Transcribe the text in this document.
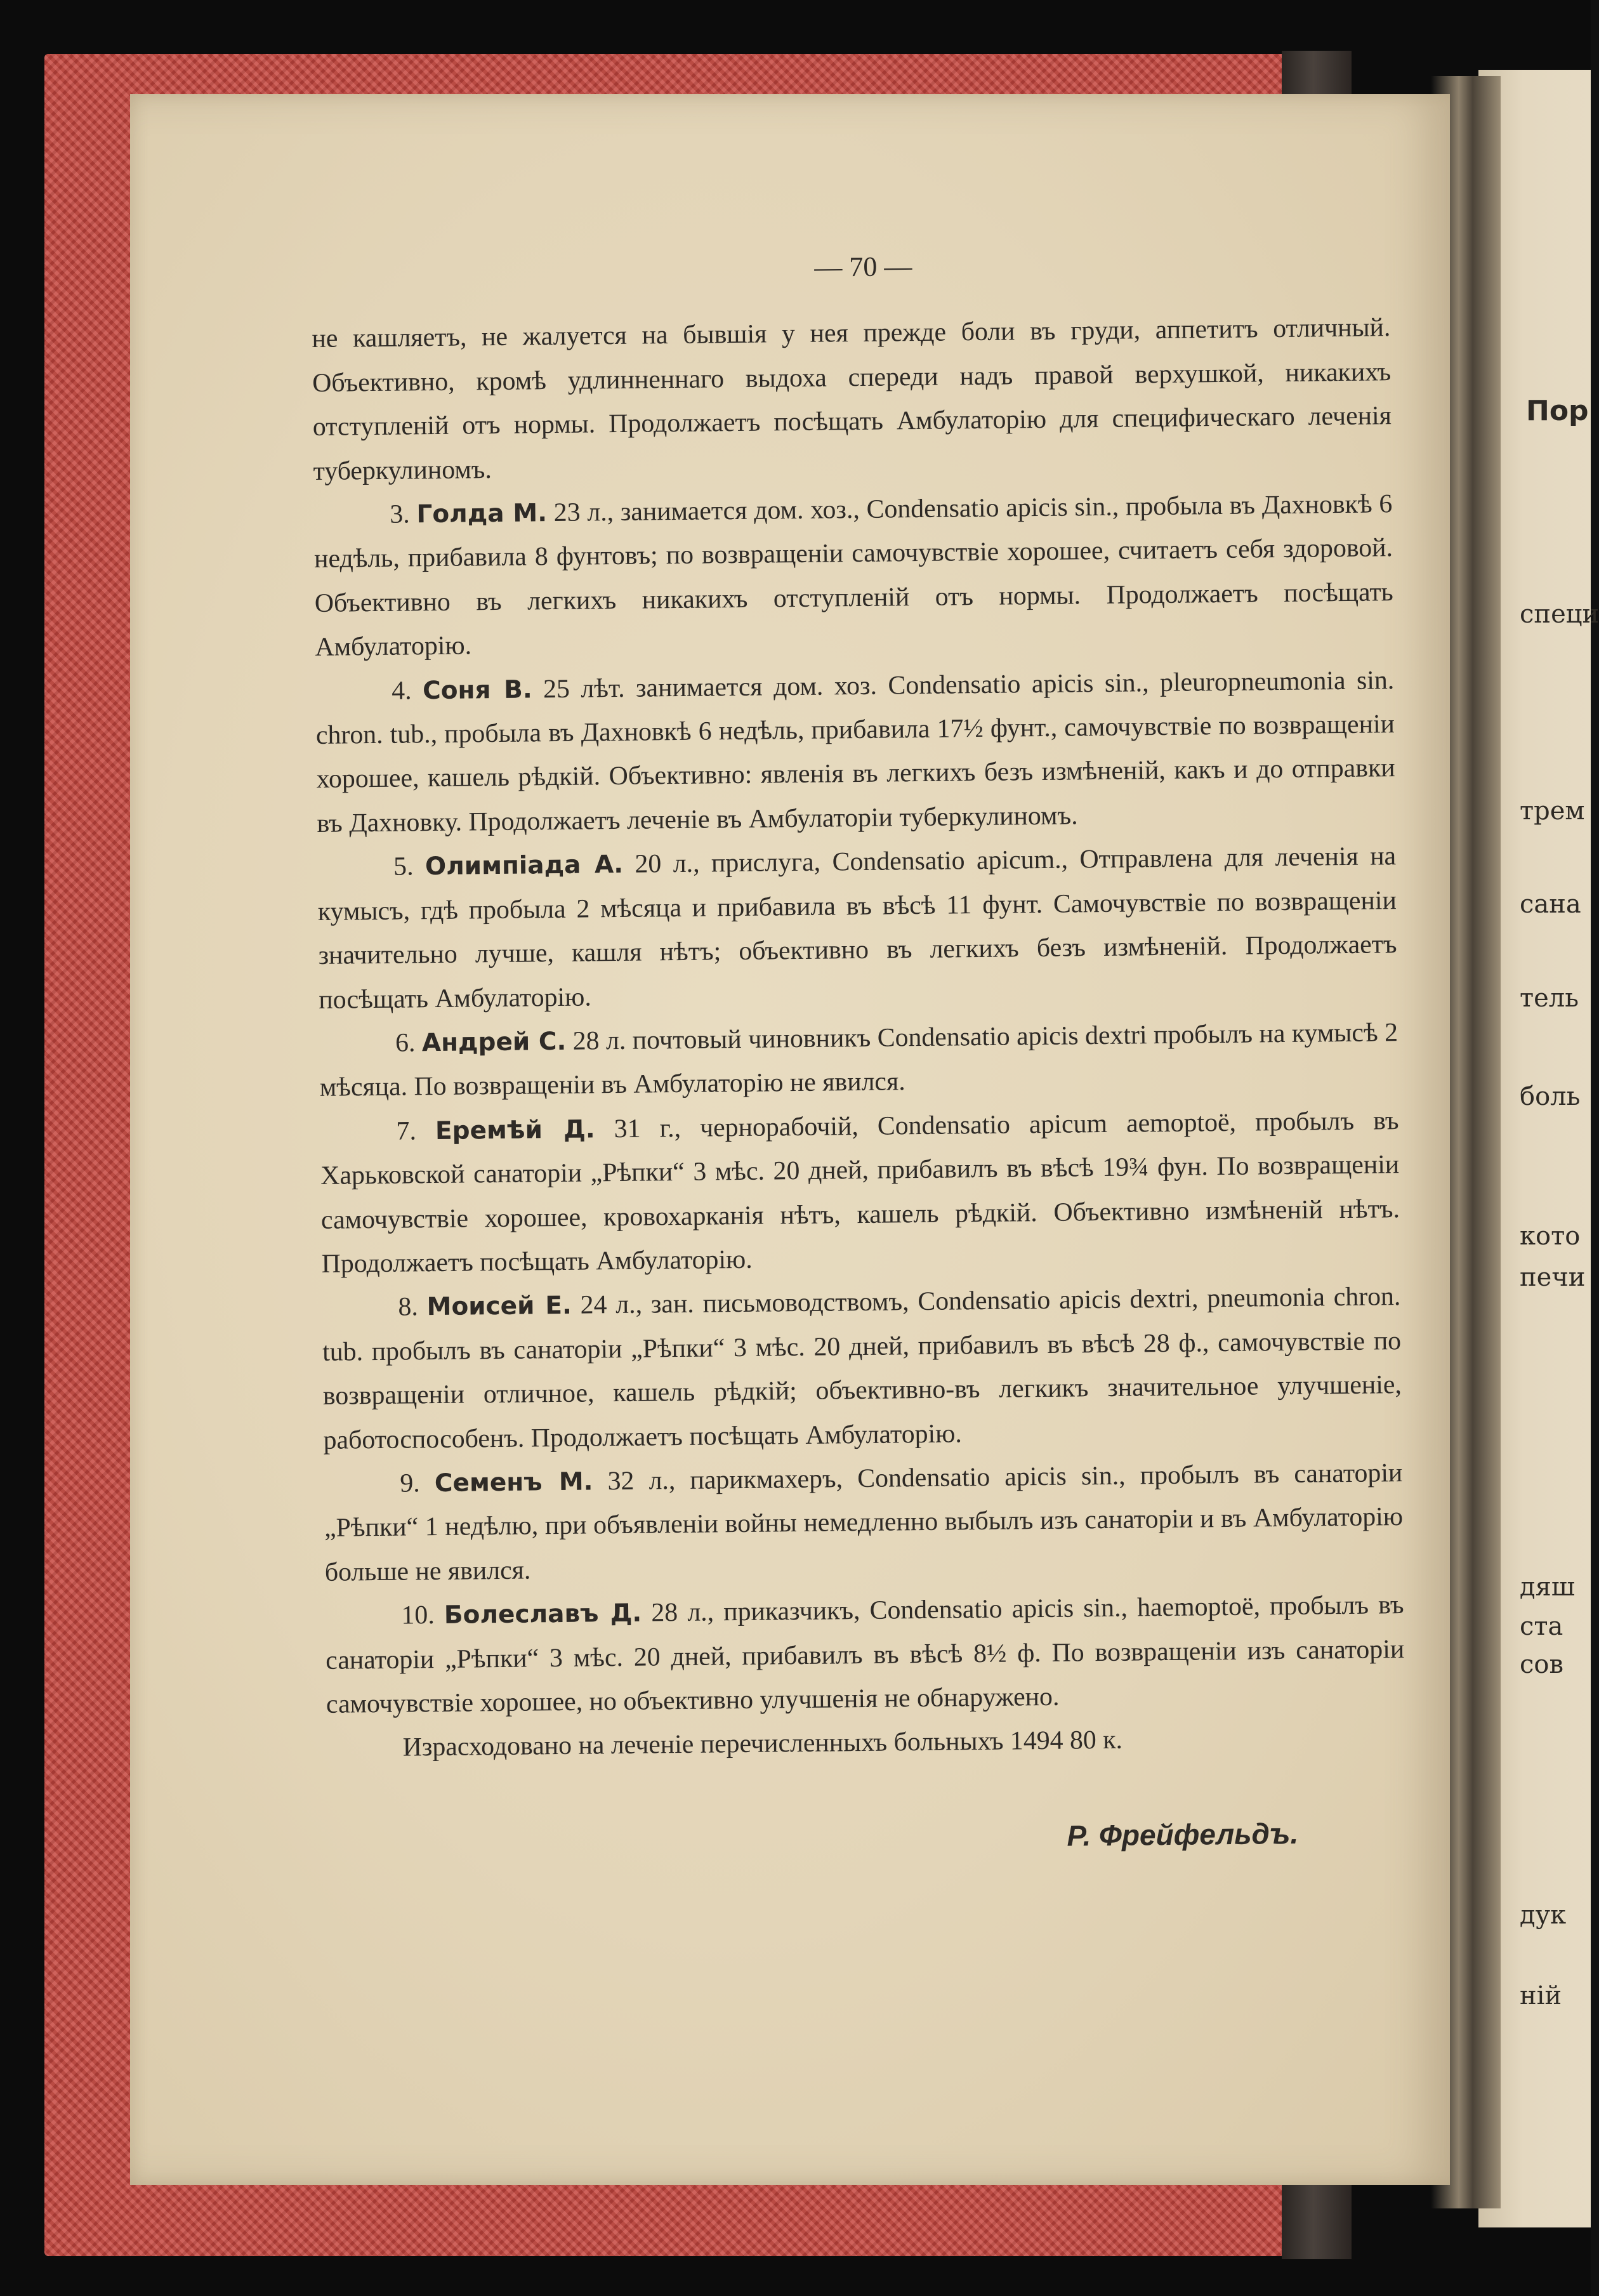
Пор
специ
трем
сана
тель
боль
кото
печи
дяш
ста
сов
дук
ній
— 70 —

не кашляетъ, не жалуется на бывшія у нея прежде боли въ груди, аппетитъ отличный. Объективно, кромѣ удлинненнаго выдоха спереди надъ правой верхушкой, никакихъ отступленій отъ нормы. Продолжаетъ посѣщать Амбулаторію для специфическаго леченія туберкулиномъ.

3. Голда М. 23 л., занимается дом. хоз., Condensatio apicis sin., пробыла въ Дахновкѣ 6 недѣль, прибавила 8 фунтовъ; по возвращеніи самочувствіе хорошее, считаетъ себя здоровой. Объективно въ легкихъ никакихъ отступленій отъ нормы. Продолжаетъ посѣщать Амбулаторію.

4. Соня В. 25 лѣт. занимается дом. хоз. Condensatio apicis sin., pleuropneumonia sin. chron. tub., пробыла въ Дахновкѣ 6 недѣль, прибавила 17½ фунт., самочувствіе по возвращеніи хорошее, кашель рѣдкій. Объективно: явленія въ легкихъ безъ измѣненій, какъ и до отправки въ Дахновку. Продолжаетъ леченіе въ Амбулаторіи туберкулиномъ.

5. Олимпіада А. 20 л., прислуга, Condensatio apicum., Отправлена для леченія на кумысъ, гдѣ пробыла 2 мѣсяца и прибавила въ вѣсѣ 11 фунт. Самочувствіе по возвращеніи значительно лучше, кашля нѣтъ; объективно въ легкихъ безъ измѣненій. Продолжаетъ посѣщать Амбулаторію.

6. Андрей С. 28 л. почтовый чиновникъ Condensatio apicis dextri пробылъ на кумысѣ 2 мѣсяца. По возвращеніи въ Амбулаторію не явился.

7. Еремѣй Д. 31 г., чернорабочій, Condensatio apicum aemoptoë, пробылъ въ Харьковской санаторіи „Рѣпки“ 3 мѣс. 20 дней, прибавилъ въ вѣсѣ 19¾ фун. По возвращеніи самочувствіе хорошее, кровохарканія нѣтъ, кашель рѣдкій. Объективно измѣненій нѣтъ. Продолжаетъ посѣщать Амбулаторію.

8. Моисей Е. 24 л., зан. письмоводствомъ, Condensatio apicis dextri, pneumonia chron. tub. пробылъ въ санаторіи „Рѣпки“ 3 мѣс. 20 дней, прибавилъ въ вѣсѣ 28 ф., самочувствіе по возвращеніи отличное, кашель рѣдкій; объективно-въ легкикъ значительное улучшеніе, работоспособенъ. Продолжаетъ посѣщать Амбулаторію.

9. Семенъ М. 32 л., парикмахеръ, Condensatio apicis sin., пробылъ въ санаторіи „Рѣпки“ 1 недѣлю, при объявленіи войны немедленно выбылъ изъ санаторіи и въ Амбулаторію больше не явился.

10. Болеславъ Д. 28 л., приказчикъ, Condensatio apicis sin., haemoptoë, пробылъ въ санаторіи „Рѣпки“ 3 мѣс. 20 дней, прибавилъ въ вѣсѣ 8½ ф. По возвращеніи изъ санаторіи самочувствіе хорошее, но объективно улучшенія не обнаружено.

Израсходовано на леченіе перечисленныхъ больныхъ 1494 80 к.

Р. Фрейфельдъ.
